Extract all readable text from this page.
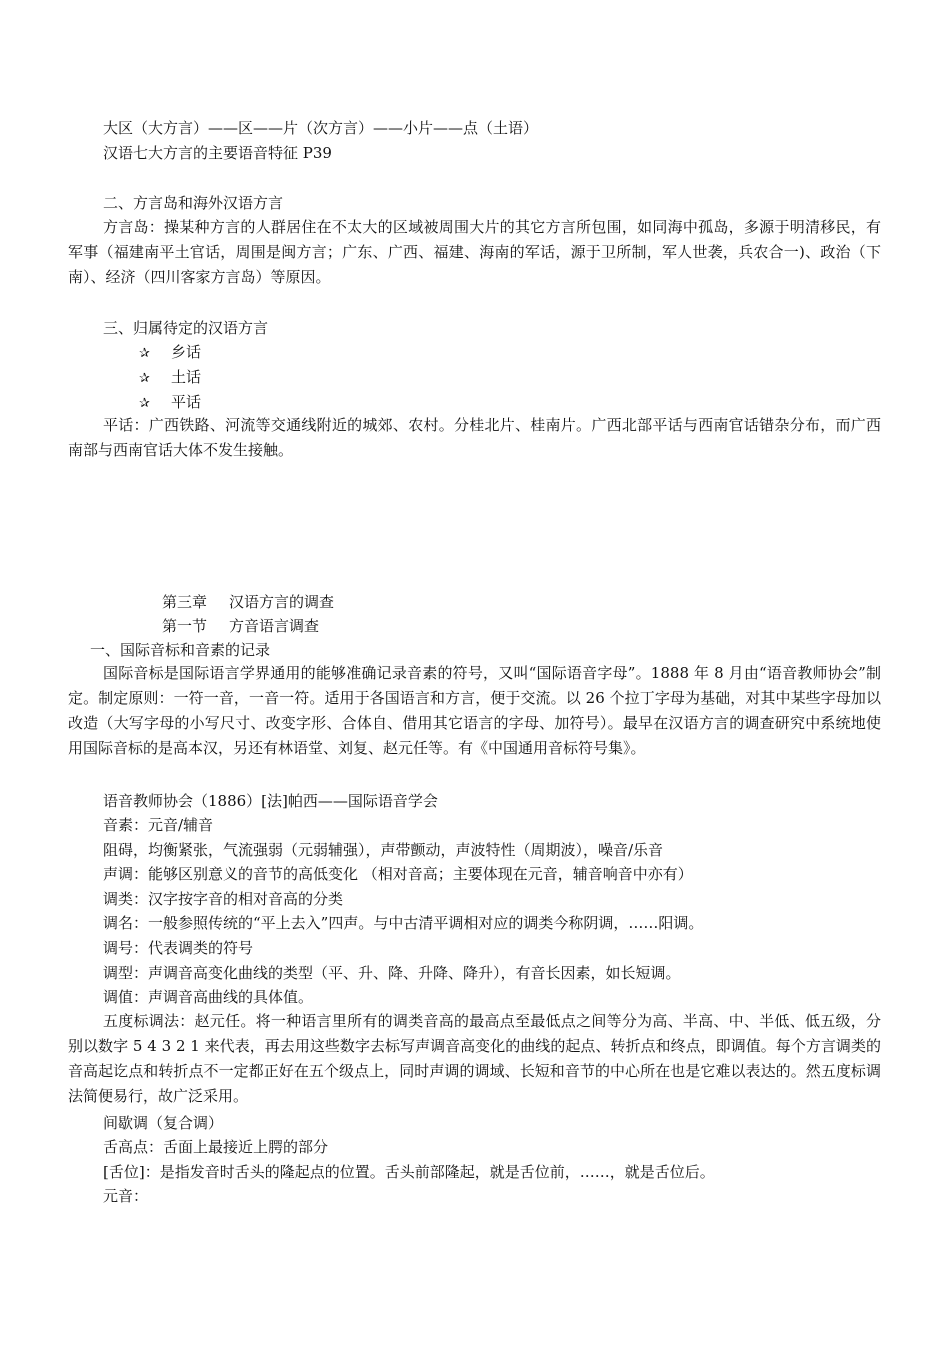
大区（大方言）——区——片（次方言）——小片——点（土语）
汉语七大方言的主要语音特征 P39
二、方言岛和海外汉语方言
方言岛：操某种方言的人群居住在不太大的区域被周围大片的其它方言所包围，如同海中孤岛，多源于明清移民，有军事（福建南平土官话，周围是闽方言；广东、广西、福建、海南的军话，源于卫所制，军人世袭，兵农合一)、政治（下南）、经济（四川客家方言岛）等原因。
三、归属待定的汉语方言
✰ 乡话
✰ 土话
✰ 平话
平话：广西铁路、河流等交通线附近的城郊、农村。分桂北片、桂南片。广西北部平话与西南官话错杂分布，而广西南部与西南官话大体不发生接触。
第三章 汉语方言的调查
第一节 方音语言调查
一、国际音标和音素的记录
国际音标是国际语言学界通用的能够准确记录音素的符号，又叫“国际语音字母”。1888 年 8 月由“语音教师协会”制定。制定原则：一符一音，一音一符。适用于各国语言和方言，便于交流。以 26 个拉丁字母为基础，对其中某些字母加以改造（大写字母的小写尺寸、改变字形、合体自、借用其它语言的字母、加符号）。最早在汉语方言的调查研究中系统地使用国际音标的是高本汉，另还有林语堂、刘复、赵元任等。有《中国通用音标符号集》。
语音教师协会（1886）[法]帕西——国际语音学会
音素：元音/辅音
阻碍，均衡紧张，气流强弱（元弱辅强），声带颤动，声波特性（周期波），噪音/乐音
声调：能够区别意义的音节的高低变化 （相对音高；主要体现在元音，辅音响音中亦有）
调类：汉字按字音的相对音高的分类
调名：一般参照传统的“平上去入”四声。与中古清平调相对应的调类今称阴调，……阳调。
调号：代表调类的符号
调型：声调音高变化曲线的类型（平、升、降、升降、降升），有音长因素，如长短调。
调值：声调音高曲线的具体值。
五度标调法：赵元任。将一种语言里所有的调类音高的最高点至最低点之间等分为高、半高、中、半低、低五级，分别以数字 5 4 3 2 1 来代表，再去用这些数字去标写声调音高变化的曲线的起点、转折点和终点，即调值。每个方言调类的音高起讫点和转折点不一定都正好在五个级点上，同时声调的调域、长短和音节的中心所在也是它难以表达的。然五度标调法简便易行，故广泛采用。
间歇调（复合调）
舌高点：舌面上最接近上腭的部分
[舌位]：是指发音时舌头的隆起点的位置。舌头前部隆起，就是舌位前，……，就是舌位后。
元音：
